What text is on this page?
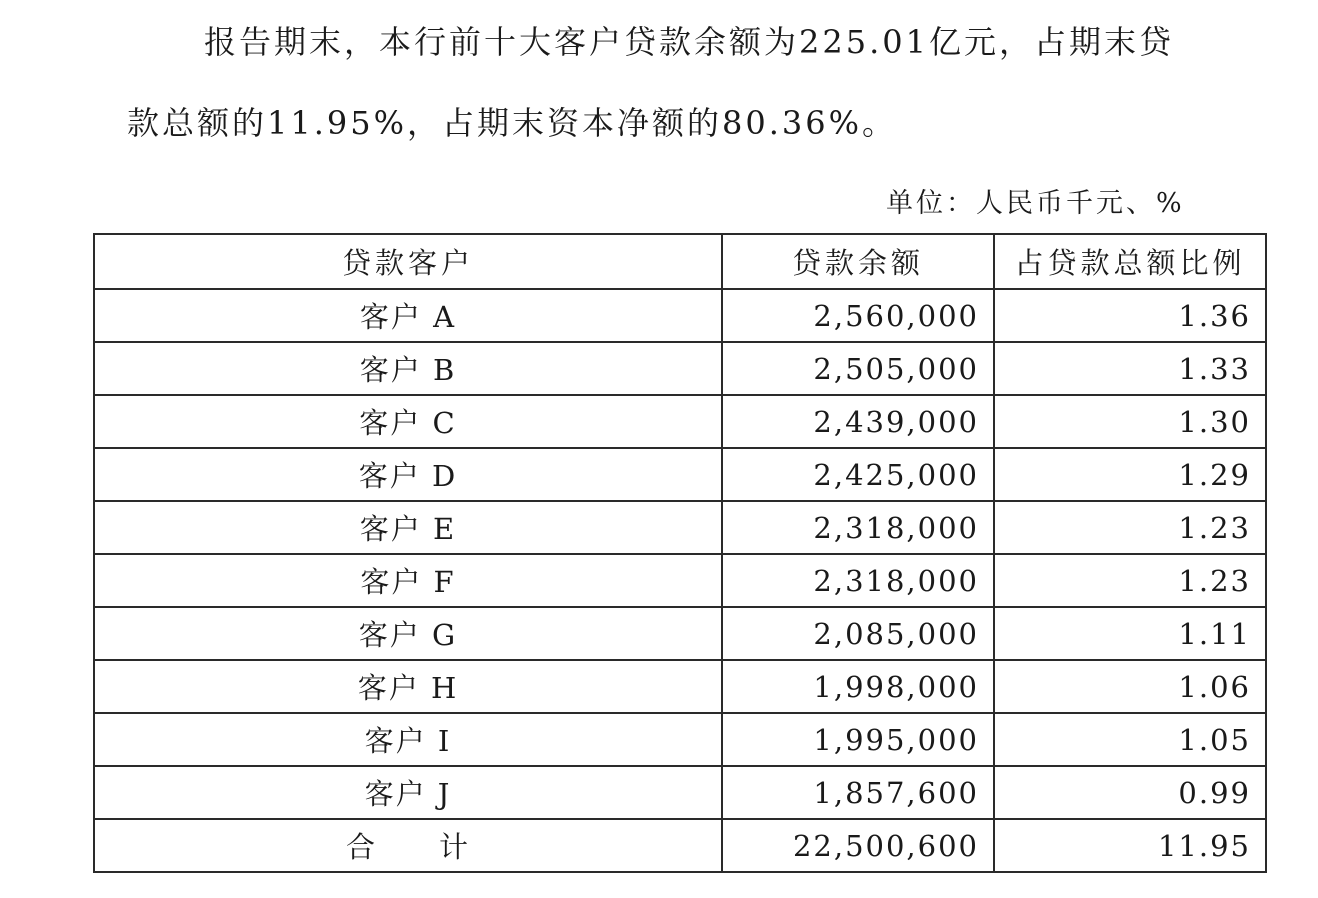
报告期末，本行前十大客户贷款余额为225.01亿元，占期末贷
款总额的11.95%，占期末资本净额的80.36%。
单位：人民币千元、%
贷款客户	贷款余额	占贷款总额比例
客户 A	2,560,000	1.36
客户 B	2,505,000	1.33
客户 C	2,439,000	1.30
客户 D	2,425,000	1.29
客户 E	2,318,000	1.23
客户 F	2,318,000	1.23
客户 G	2,085,000	1.11
客户 H	1,998,000	1.06
客户 I	1,995,000	1.05
客户 J	1,857,600	0.99
合　　计	22,500,600	11.95
